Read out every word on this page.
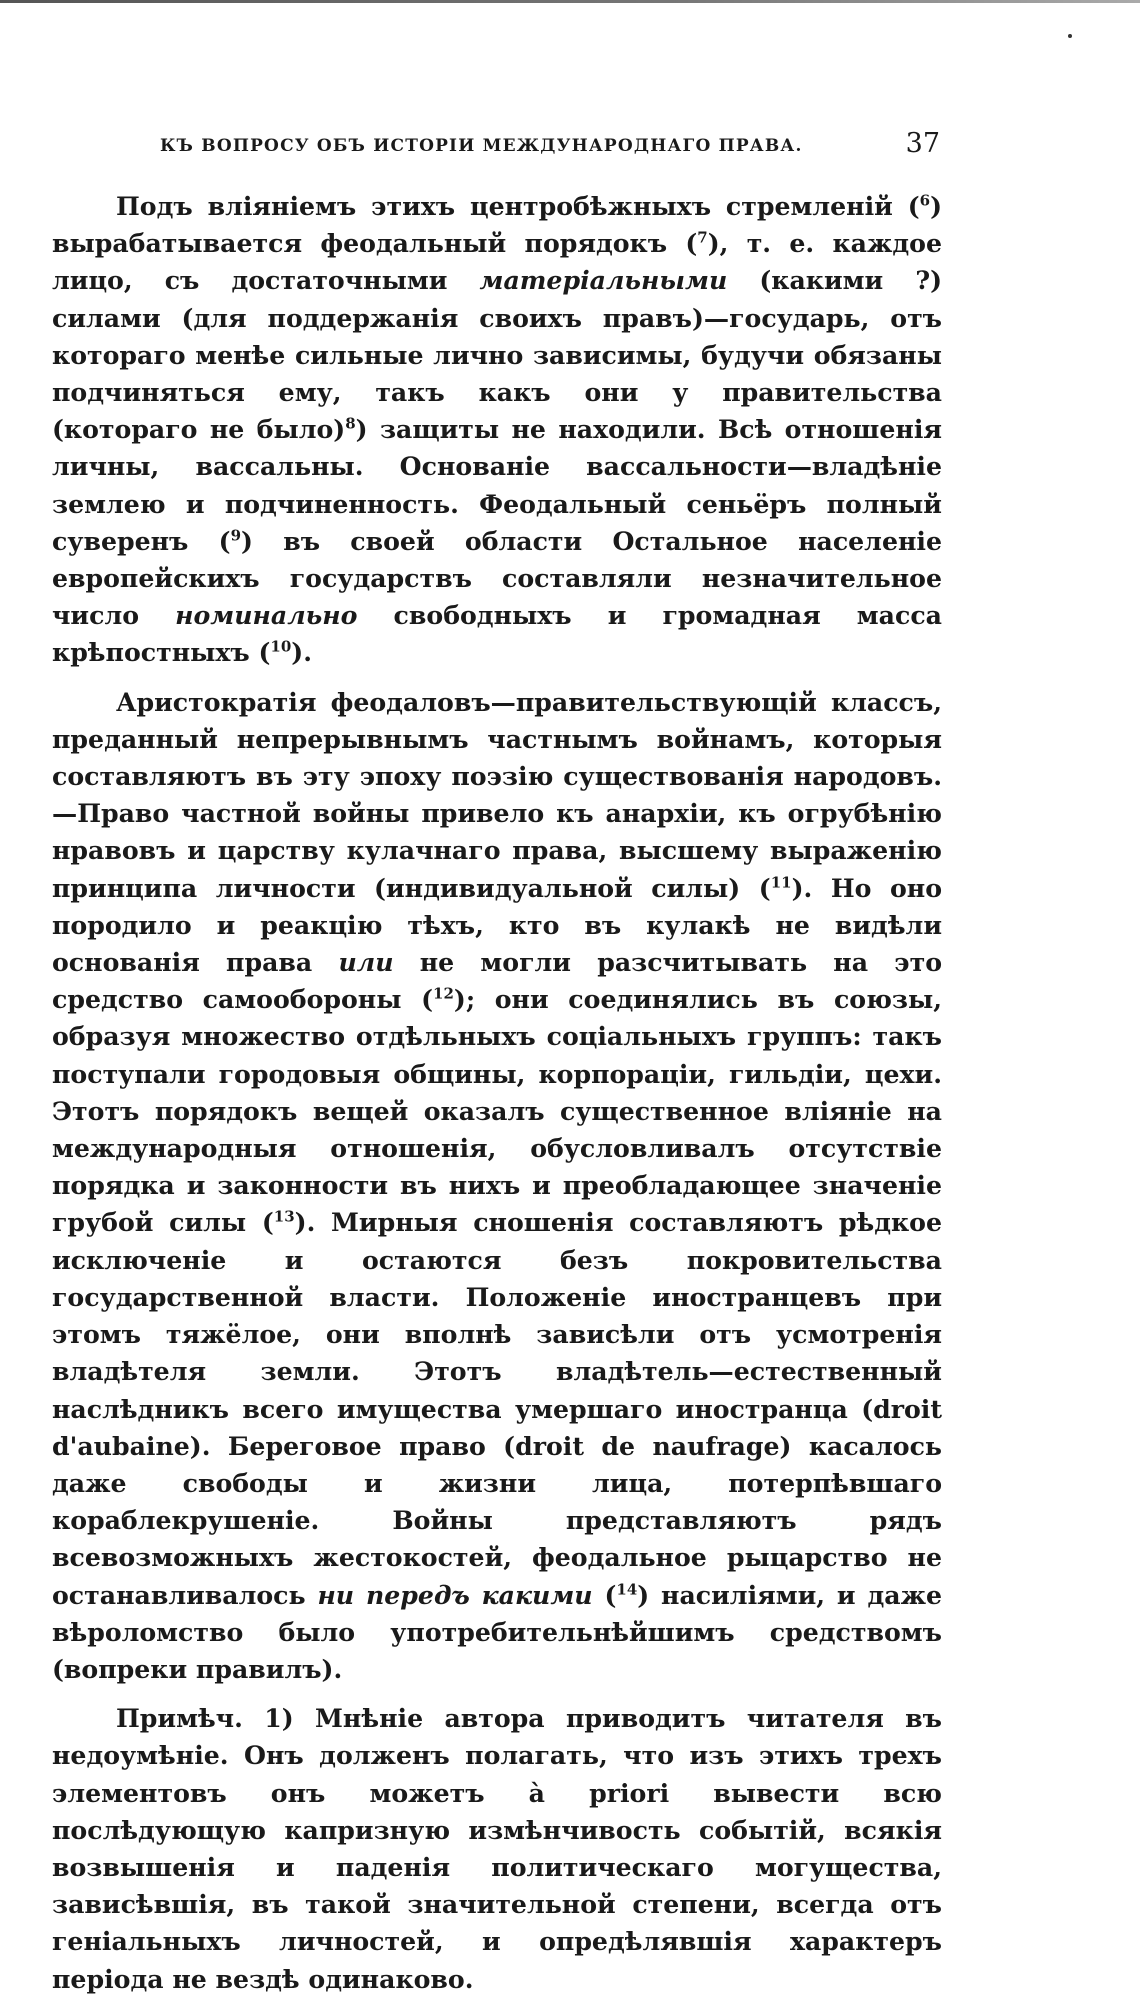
КЪ ВОПРОСУ ОБЪ ИСТОРІИ МЕЖДУНАРОДНАГО ПРАВА.	37

Подъ вліяніемъ этихъ центробѣжныхъ стремленій ($^6$) вырабатывается феодальный порядокъ ($^7$), т. е. каждое лицо, съ достаточными матеріальными (какими ?) силами (для поддержанія своихъ правъ)—государь, отъ котораго менѣе сильные лично зависимы, будучи обязаны подчиняться ему, такъ какъ они у правительства (котораго не было)$^8$) защиты не находили. Всѣ отношенія личны, вассальны. Основаніе вассальности—владѣніе землею и подчиненность. Феодальный сеньёръ полный суверенъ ($^9$) въ своей области Остальное населеніе европейскихъ государствъ составляли незначительное число номинально свободныхъ и громадная масса крѣпостныхъ ($^{10}$).

Аристократія феодаловъ—правительствующій классъ, преданный непрерывнымъ частнымъ войнамъ, которыя составляютъ въ эту эпоху поэзію существованія народовъ.—Право частной войны привело къ анархіи, къ огрубѣнію нравовъ и царству кулачнаго права, высшему выраженію принципа личности (индивидуальной силы) ($^{11}$). Но оно породило и реакцію тѣхъ, кто въ кулакѣ не видѣли основанія права или не могли разсчитывать на это средство самообороны ($^{12}$); они соединялись въ союзы, образуя множество отдѣльныхъ соціальныхъ группъ: такъ поступали городовыя общины, корпораціи, гильдіи, цехи. Этотъ порядокъ вещей оказалъ существенное вліяніе на международныя отношенія, обусловливалъ отсутствіе порядка и законности въ нихъ и преобладающее значеніе грубой силы ($^{13}$). Мирныя сношенія составляютъ рѣдкое исключеніе и остаются безъ покровительства государственной власти. Положеніе иностранцевъ при этомъ тяжёлое, они вполнѣ зависѣли отъ усмотренія владѣтеля земли. Этотъ владѣтель—естественный наслѣдникъ всего имущества умершаго иностранца (droit d'aubaine). Береговое право (droit de naufrage) касалось даже свободы и жизни лица, потерпѣвшаго кораблекрушеніе. Войны представляютъ рядъ всевозможныхъ жестокостей, феодальное рыцарство не останавливалось ни передъ какими ($^{14}$) насиліями, и даже вѣроломство было употребительнѣйшимъ средствомъ (вопреки правилъ).

Примѣч. 1) Мнѣніе автора приводитъ читателя въ недоумѣніе. Онъ долженъ полагать, что изъ этихъ трехъ элементовъ онъ можетъ à priori вывести всю послѣдующую капризную измѣнчивость событій, всякія возвышенія и паденія политическаго могущества, зависѣвшія, въ такой значительной степени, всегда отъ геніальныхъ личностей, и опредѣлявшія характеръ періода не вездѣ одинаково.
